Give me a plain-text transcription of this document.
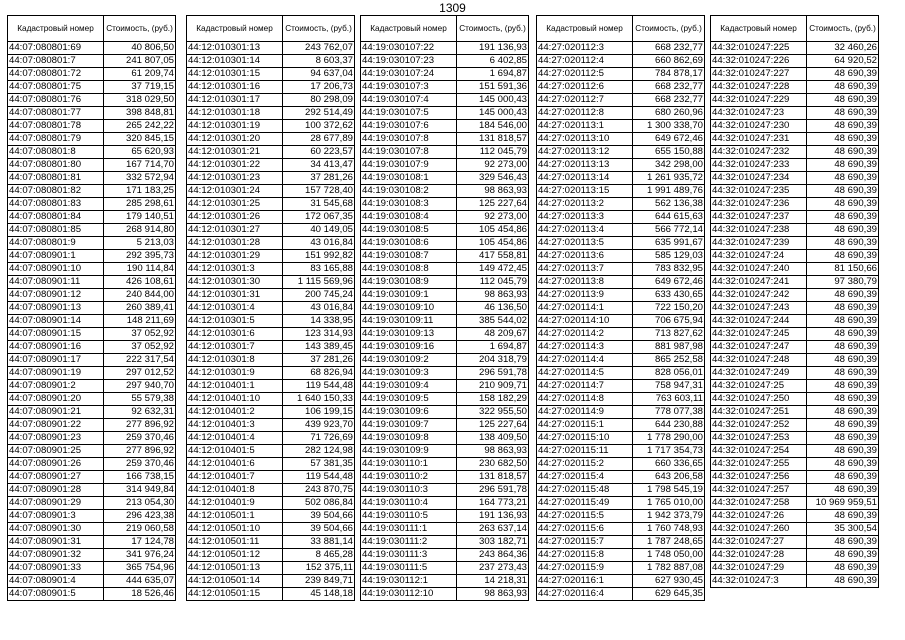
1309
Кадастровый номер	Стоимость, (руб.)
44:07:080801:69	40 806,50
44:07:080801:7	241 807,05
44:07:080801:72	61 209,74
44:07:080801:75	37 719,15
44:07:080801:76	318 029,50
44:07:080801:77	398 848,81
44:07:080801:78	265 242,22
44:07:080801:79	320 845,15
44:07:080801:8	65 620,93
44:07:080801:80	167 714,70
44:07:080801:81	332 572,94
44:07:080801:82	171 183,25
44:07:080801:83	285 298,61
44:07:080801:84	179 140,51
44:07:080801:85	268 914,80
44:07:080801:9	5 213,03
44:07:080901:1	292 395,73
44:07:080901:10	190 114,84
44:07:080901:11	426 108,61
44:07:080901:12	240 844,00
44:07:080901:13	260 389,41
44:07:080901:14	148 211,69
44:07:080901:15	37 052,92
44:07:080901:16	37 052,92
44:07:080901:17	222 317,54
44:07:080901:19	297 012,52
44:07:080901:2	297 940,70
44:07:080901:20	55 579,38
44:07:080901:21	92 632,31
44:07:080901:22	277 896,92
44:07:080901:23	259 370,46
44:07:080901:25	277 896,92
44:07:080901:26	259 370,46
44:07:080901:27	166 738,15
44:07:080901:28	314 949,84
44:07:080901:29	213 054,30
44:07:080901:3	296 423,38
44:07:080901:30	219 060,58
44:07:080901:31	17 124,78
44:07:080901:32	341 976,24
44:07:080901:33	365 754,96
44:07:080901:4	444 635,07
44:07:080901:5	18 526,46
Кадастровый номер	Стоимость, (руб.)
44:12:010301:13	243 762,07
44:12:010301:14	8 603,37
44:12:010301:15	94 637,04
44:12:010301:16	17 206,73
44:12:010301:17	80 298,09
44:12:010301:18	292 514,49
44:12:010301:19	100 372,62
44:12:010301:20	28 677,89
44:12:010301:21	60 223,57
44:12:010301:22	34 413,47
44:12:010301:23	37 281,26
44:12:010301:24	157 728,40
44:12:010301:25	31 545,68
44:12:010301:26	172 067,35
44:12:010301:27	40 149,05
44:12:010301:28	43 016,84
44:12:010301:29	151 992,82
44:12:010301:3	83 165,88
44:12:010301:30	1 115 569,96
44:12:010301:31	200 745,24
44:12:010301:4	43 016,84
44:12:010301:5	14 338,95
44:12:010301:6	123 314,93
44:12:010301:7	143 389,45
44:12:010301:8	37 281,26
44:12:010301:9	68 826,94
44:12:010401:1	119 544,48
44:12:010401:10	1 640 150,33
44:12:010401:2	106 199,15
44:12:010401:3	439 923,70
44:12:010401:4	71 726,69
44:12:010401:5	282 124,98
44:12:010401:6	57 381,35
44:12:010401:7	119 544,48
44:12:010401:8	243 870,75
44:12:010401:9	502 086,84
44:12:010501:1	39 504,66
44:12:010501:10	39 504,66
44:12:010501:11	33 881,14
44:12:010501:12	8 465,28
44:12:010501:13	152 375,11
44:12:010501:14	239 849,71
44:12:010501:15	45 148,18
Кадастровый номер	Стоимость, (руб.)
44:19:030107:22	191 136,93
44:19:030107:23	6 402,85
44:19:030107:24	1 694,87
44:19:030107:3	151 591,36
44:19:030107:4	145 000,43
44:19:030107:5	145 000,43
44:19:030107:6	184 546,00
44:19:030107:8	131 818,57
44:19:030107:8	112 045,79
44:19:030107:9	92 273,00
44:19:030108:1	329 546,43
44:19:030108:2	98 863,93
44:19:030108:3	125 227,64
44:19:030108:4	92 273,00
44:19:030108:5	105 454,86
44:19:030108:6	105 454,86
44:19:030108:7	417 558,81
44:19:030108:8	149 472,45
44:19:030108:9	112 045,79
44:19:030109:1	98 863,93
44:19:030109:10	46 136,50
44:19:030109:11	385 544,02
44:19:030109:13	48 209,67
44:19:030109:16	1 694,87
44:19:030109:2	204 318,79
44:19:030109:3	296 591,78
44:19:030109:4	210 909,71
44:19:030109:5	158 182,29
44:19:030109:6	322 955,50
44:19:030109:7	125 227,64
44:19:030109:8	138 409,50
44:19:030109:9	98 863,93
44:19:030110:1	230 682,50
44:19:030110:2	131 818,57
44:19:030110:3	296 591,78
44:19:030110:4	164 773,21
44:19:030110:5	191 136,93
44:19:030111:1	263 637,14
44:19:030111:2	303 182,71
44:19:030111:3	243 864,36
44:19:030111:5	237 273,43
44:19:030112:1	14 218,31
44:19:030112:10	98 863,93
Кадастровый номер	Стоимость, (руб.)
44:27:020112:3	668 232,77
44:27:020112:4	660 862,69
44:27:020112:5	784 878,17
44:27:020112:6	668 232,77
44:27:020112:7	668 232,77
44:27:020112:8	680 260,96
44:27:020113:1	1 300 338,70
44:27:020113:10	649 672,46
44:27:020113:12	655 150,88
44:27:020113:13	342 298,00
44:27:020113:14	1 261 935,72
44:27:020113:15	1 991 489,76
44:27:020113:2	562 136,38
44:27:020113:3	644 615,63
44:27:020113:4	566 772,14
44:27:020113:5	635 991,67
44:27:020113:6	585 129,03
44:27:020113:7	783 832,95
44:27:020113:8	649 672,46
44:27:020113:9	633 430,65
44:27:020114:1	722 150,20
44:27:020114:10	706 675,94
44:27:020114:2	713 827,62
44:27:020114:3	881 987,98
44:27:020114:4	865 252,58
44:27:020114:5	828 056,01
44:27:020114:7	758 947,31
44:27:020114:8	763 603,11
44:27:020114:9	778 077,38
44:27:020115:1	644 230,88
44:27:020115:10	1 778 290,00
44:27:020115:11	1 717 354,73
44:27:020115:2	660 336,65
44:27:020115:4	643 206,58
44:27:020115:48	1 798 545,19
44:27:020115:49	1 765 010,00
44:27:020115:5	1 942 373,79
44:27:020115:6	1 760 748,93
44:27:020115:7	1 787 248,65
44:27:020115:8	1 748 050,00
44:27:020115:9	1 782 887,08
44:27:020116:1	627 930,45
44:27:020116:4	629 645,35
Кадастровый номер	Стоимость, (руб.)
44:32:010247:225	32 460,26
44:32:010247:226	64 920,52
44:32:010247:227	48 690,39
44:32:010247:228	48 690,39
44:32:010247:229	48 690,39
44:32:010247:23	48 690,39
44:32:010247:230	48 690,39
44:32:010247:231	48 690,39
44:32:010247:232	48 690,39
44:32:010247:233	48 690,39
44:32:010247:234	48 690,39
44:32:010247:235	48 690,39
44:32:010247:236	48 690,39
44:32:010247:237	48 690,39
44:32:010247:238	48 690,39
44:32:010247:239	48 690,39
44:32:010247:24	48 690,39
44:32:010247:240	81 150,66
44:32:010247:241	97 380,79
44:32:010247:242	48 690,39
44:32:010247:243	48 690,39
44:32:010247:244	48 690,39
44:32:010247:245	48 690,39
44:32:010247:247	48 690,39
44:32:010247:248	48 690,39
44:32:010247:249	48 690,39
44:32:010247:25	48 690,39
44:32:010247:250	48 690,39
44:32:010247:251	48 690,39
44:32:010247:252	48 690,39
44:32:010247:253	48 690,39
44:32:010247:254	48 690,39
44:32:010247:255	48 690,39
44:32:010247:256	48 690,39
44:32:010247:257	48 690,39
44:32:010247:258	10 969 959,51
44:32:010247:26	48 690,39
44:32:010247:260	35 300,54
44:32:010247:27	48 690,39
44:32:010247:28	48 690,39
44:32:010247:29	48 690,39
44:32:010247:3	48 690,39
